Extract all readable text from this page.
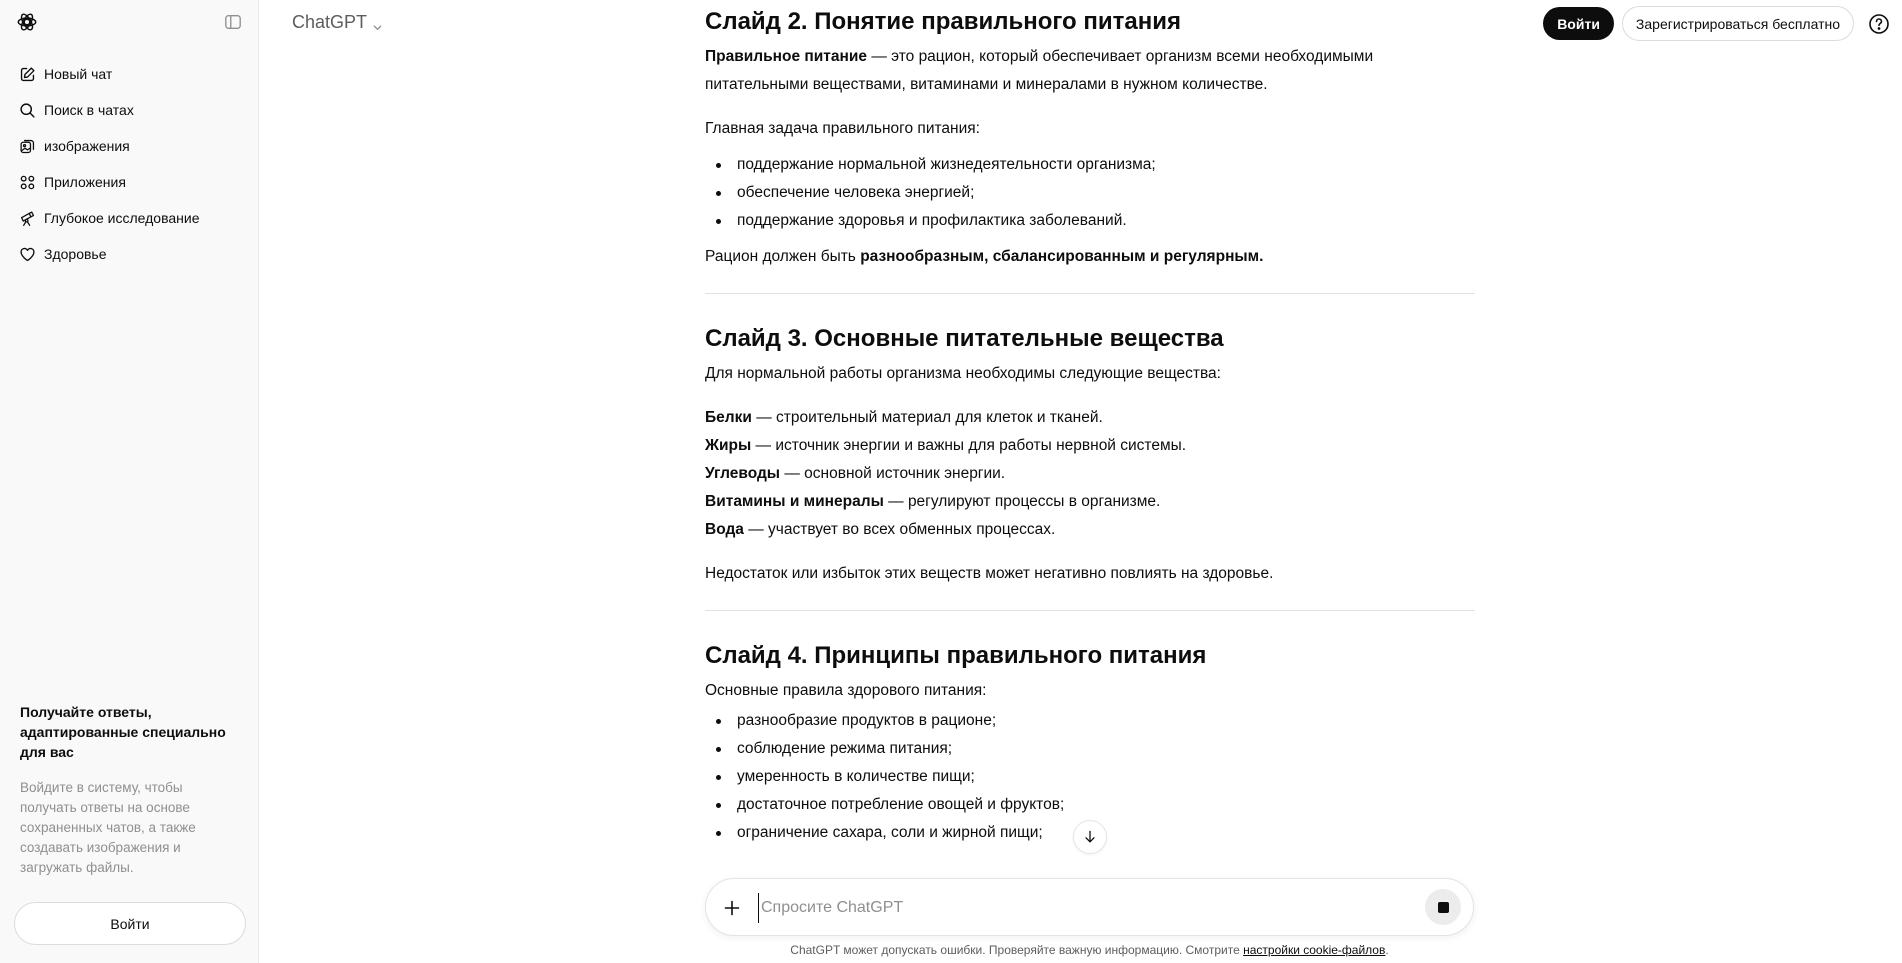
Новый чат
Поиск в чатах
изображения
Приложения
Глубокое исследование
Здоровье
Получайте ответы, адаптированные специально для вас
Войдите в систему, чтобы получать ответы на основе сохраненных чатов, а также создавать изображения и загружать файлы.
Войти
ChatGPT	Войти	Зарегистрироваться бесплатно
Слайд 2. Понятие правильного питания

Правильное питание — это рацион, который обеспечивает организм всеми необходимыми питательными веществами, витаминами и минералами в нужном количестве.

Главная задача правильного питания:

поддержание нормальной жизнедеятельности организма;
обеспечение человека энергией;
поддержание здоровья и профилактика заболеваний.

Рацион должен быть разнообразным, сбалансированным и регулярным.

Слайд 3. Основные питательные вещества

Для нормальной работы организма необходимы следующие вещества:

Белки — строительный материал для клеток и тканей.

Жиры — источник энергии и важны для работы нервной системы.

Углеводы — основной источник энергии.

Витамины и минералы — регулируют процессы в организме.

Вода — участвует во всех обменных процессах.

Недостаток или избыток этих веществ может негативно повлиять на здоровье.

Слайд 4. Принципы правильного питания

Основные правила здорового питания:

разнообразие продуктов в рационе;
соблюдение режима питания;
умеренность в количестве пищи;
достаточное потребление овощей и фруктов;
ограничение сахара, соли и жирной пищи;
Спросите ChatGPT
ChatGPT может допускать ошибки. Проверяйте важную информацию. Смотрите настройки cookie-файлов.
